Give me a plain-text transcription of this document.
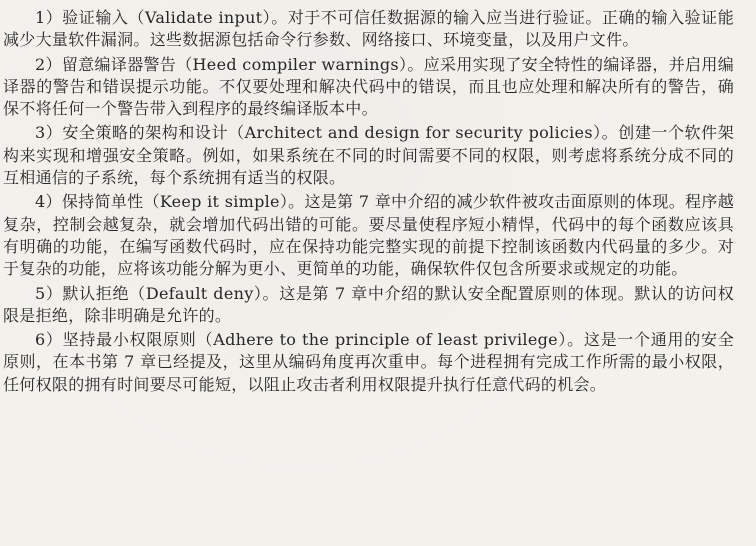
1）验证输入（Validate input）。对于不可信任数据源的输入应当进行验证。正确的输入验证能减少大量软件漏洞。这些数据源包括命令行参数、网络接口、环境变量，以及用户文件。

2）留意编译器警告（Heed compiler warnings）。应采用实现了安全特性的编译器，并启用编译器的警告和错误提示功能。不仅要处理和解决代码中的错误，而且也应处理和解决所有的警告，确保不将任何一个警告带入到程序的最终编译版本中。

3）安全策略的架构和设计（Architect and design for security policies）。创建一个软件架构来实现和增强安全策略。例如，如果系统在不同的时间需要不同的权限，则考虑将系统分成不同的互相通信的子系统，每个系统拥有适当的权限。

4）保持简单性（Keep it simple）。这是第 7 章中介绍的减少软件被攻击面原则的体现。程序越复杂，控制会越复杂，就会增加代码出错的可能。要尽量使程序短小精悍，代码中的每个函数应该具有明确的功能，在编写函数代码时，应在保持功能完整实现的前提下控制该函数内代码量的多少。对于复杂的功能，应将该功能分解为更小、更简单的功能，确保软件仅包含所要求或规定的功能。

5）默认拒绝（Default deny）。这是第 7 章中介绍的默认安全配置原则的体现。默认的访问权限是拒绝，除非明确是允许的。

6）坚持最小权限原则（Adhere to the principle of least privilege）。这是一个通用的安全原则，在本书第 7 章已经提及，这里从编码角度再次重申。每个进程拥有完成工作所需的最小权限，任何权限的拥有时间要尽可能短，以阻止攻击者利用权限提升执行任意代码的机会。
